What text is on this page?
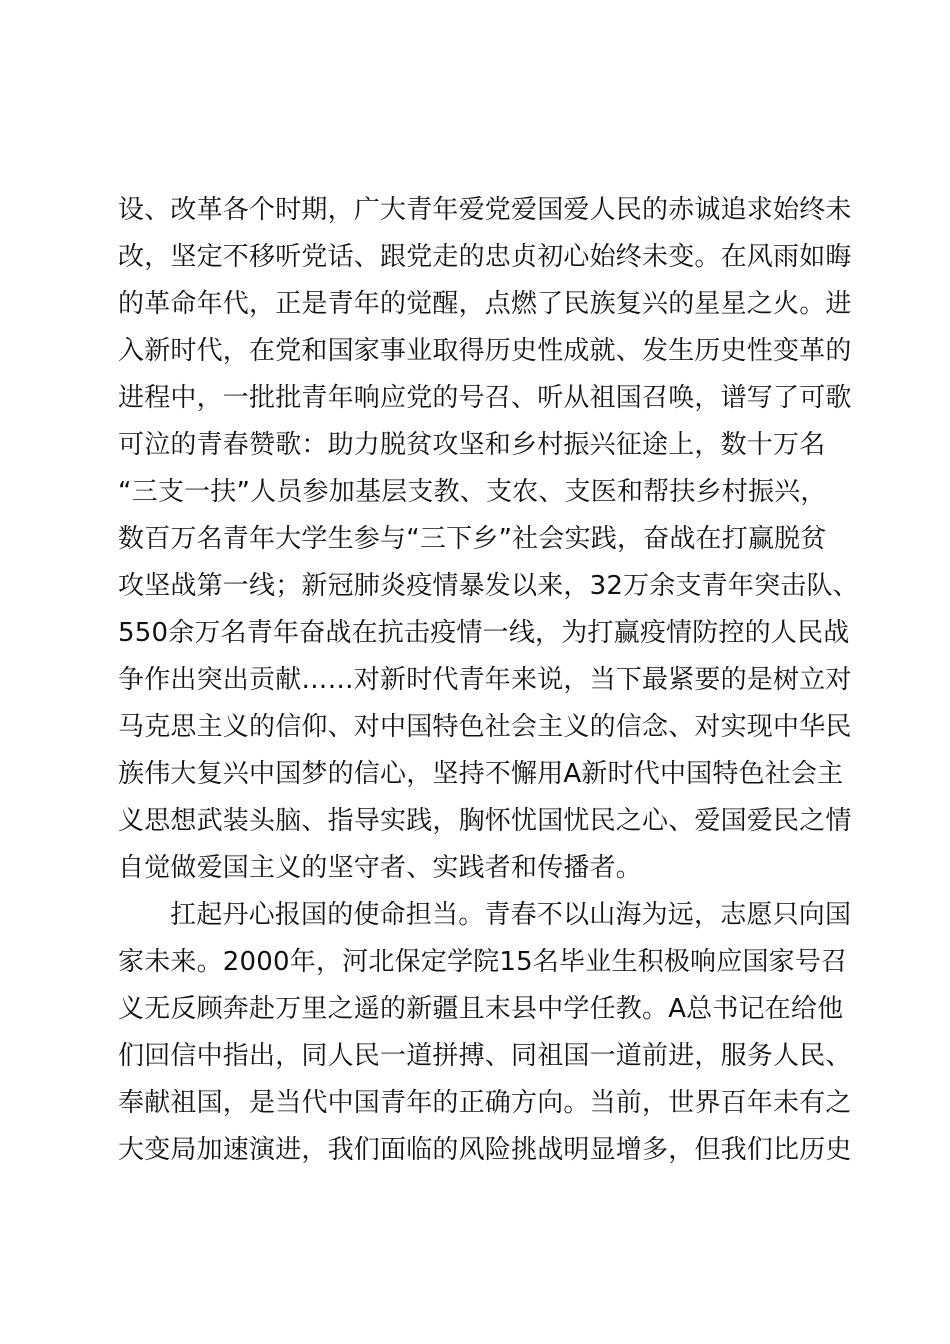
设、改革各个时期，广大青年爱党爱国爱人民的赤诚追求始终未
改，坚定不移听党话、跟党走的忠贞初心始终未变。在风雨如晦
的革命年代，正是青年的觉醒，点燃了民族复兴的星星之火。进
入新时代，在党和国家事业取得历史性成就、发生历史性变革的
进程中，一批批青年响应党的号召、听从祖国召唤，谱写了可歌
可泣的青春赞歌：助力脱贫攻坚和乡村振兴征途上，数十万名
“三支一扶”人员参加基层支教、支农、支医和帮扶乡村振兴，
数百万名青年大学生参与“三下乡”社会实践，奋战在打赢脱贫
攻坚战第一线；新冠肺炎疫情暴发以来，32万余支青年突击队、
550余万名青年奋战在抗击疫情一线，为打赢疫情防控的人民战
争作出突出贡献……对新时代青年来说，当下最紧要的是树立对
马克思主义的信仰、对中国特色社会主义的信念、对实现中华民
族伟大复兴中国梦的信心，坚持不懈用A新时代中国特色社会主
义思想武装头脑、指导实践，胸怀忧国忧民之心、爱国爱民之情
自觉做爱国主义的坚守者、实践者和传播者。
扛起丹心报国的使命担当。青春不以山海为远，志愿只向国
家未来。2000年，河北保定学院15名毕业生积极响应国家号召
义无反顾奔赴万里之遥的新疆且末县中学任教。A总书记在给他
们回信中指出，同人民一道拼搏、同祖国一道前进，服务人民、
奉献祖国，是当代中国青年的正确方向。当前，世界百年未有之
大变局加速演进，我们面临的风险挑战明显增多，但我们比历史
